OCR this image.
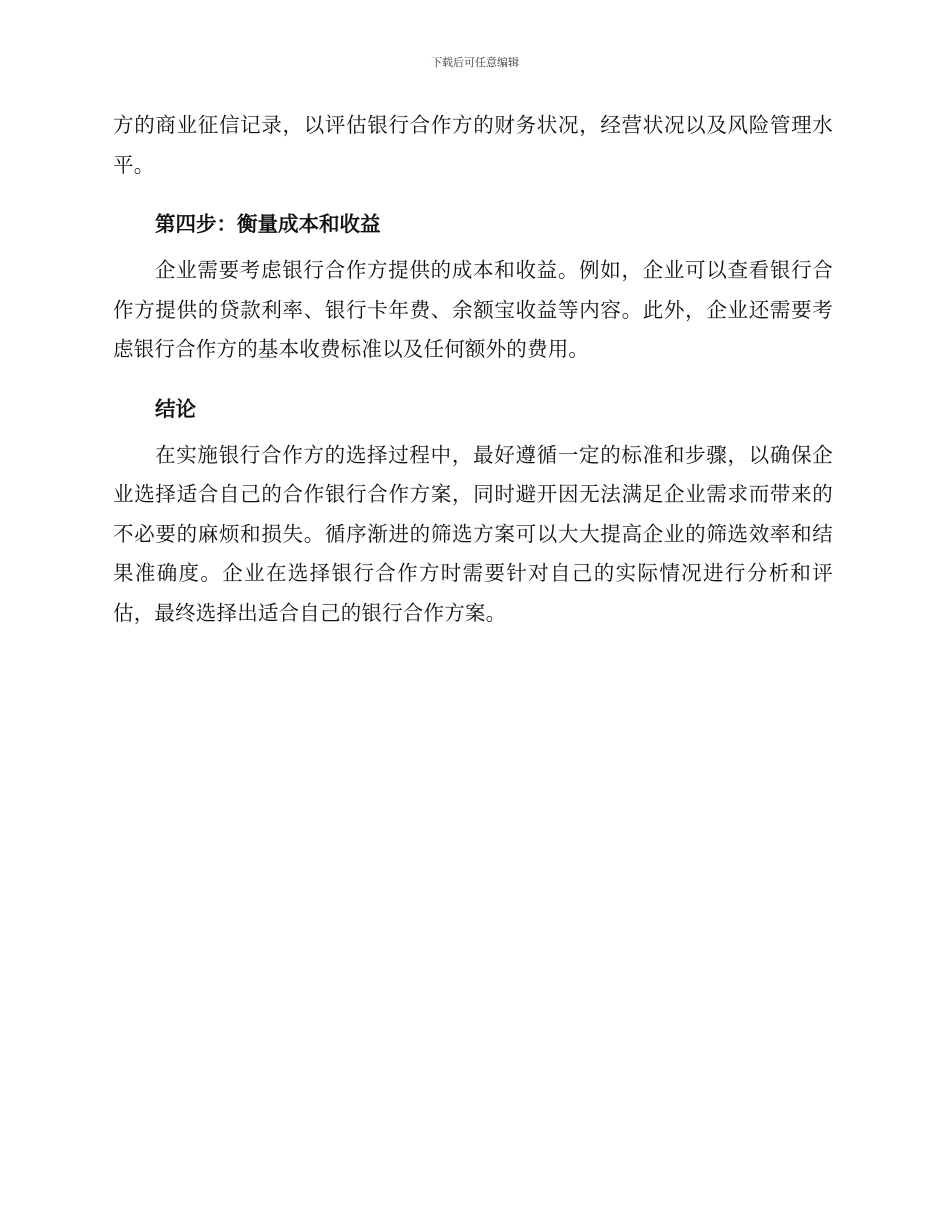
下载后可任意编辑

方的商业征信记录，以评估银行合作方的财务状况，经营状况以及风险管理水平。

第四步：衡量成本和收益

企业需要考虑银行合作方提供的成本和收益。例如，企业可以查看银行合作方提供的贷款利率、银行卡年费、余额宝收益等内容。此外，企业还需要考虑银行合作方的基本收费标准以及任何额外的费用。

结论

在实施银行合作方的选择过程中，最好遵循一定的标准和步骤，以确保企业选择适合自己的合作银行合作方案，同时避开因无法满足企业需求而带来的不必要的麻烦和损失。循序渐进的筛选方案可以大大提高企业的筛选效率和结果准确度。企业在选择银行合作方时需要针对自己的实际情况进行分析和评估，最终选择出适合自己的银行合作方案。
